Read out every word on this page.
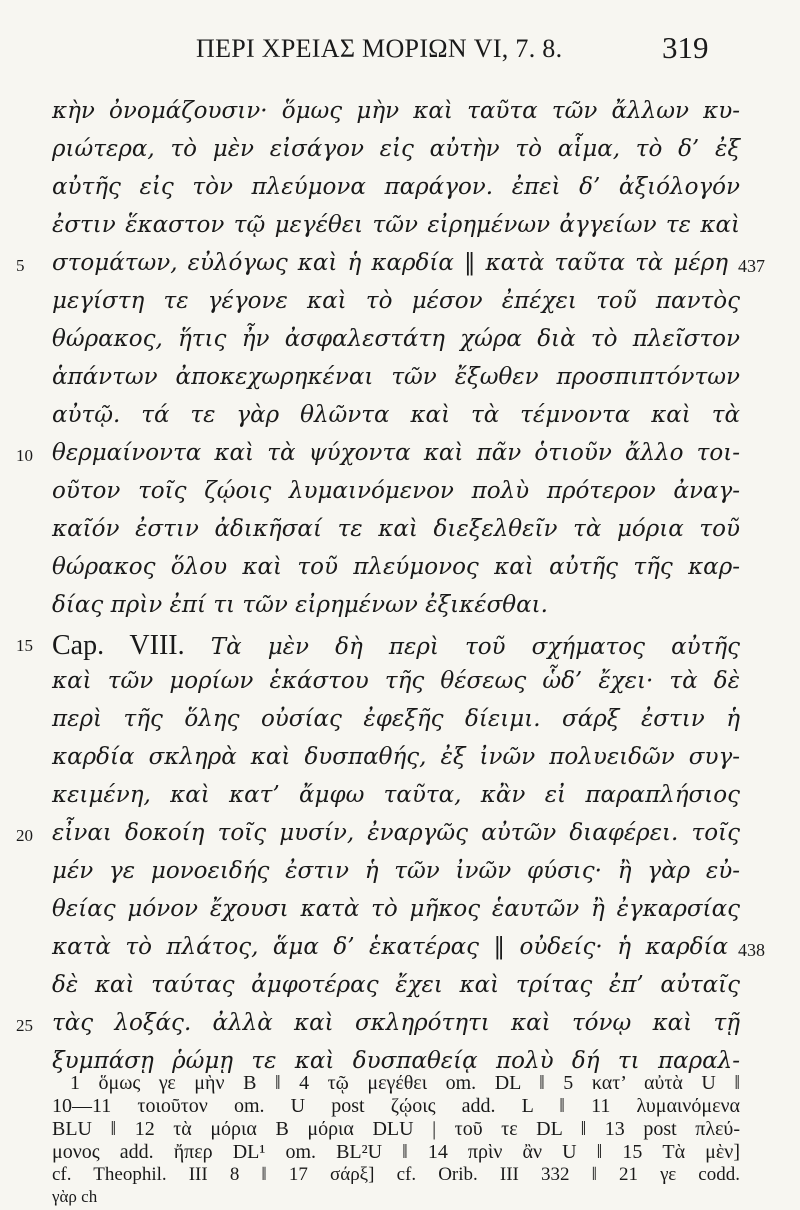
ΠΕΡΙ ΧΡΕΙΑΣ ΜΟΡΙΩΝ VI, 7. 8.	319
κὴν ὀνομάζουσιν· ὅμως μὴν καὶ ταῦτα τῶν ἄλλων κυ-
ριώτερα, τὸ μὲν εἰσάγον εἰς αὐτὴν τὸ αἷμα, τὸ δ’ ἐξ
αὐτῆς εἰς τὸν πλεύμονα παράγον. ἐπεὶ δ’ ἀξιόλογόν
ἐστιν ἕκαστον τῷ μεγέθει τῶν εἰρημένων ἀγγείων τε καὶ
στομάτων, εὐλόγως καὶ ἡ καρδία ‖ κατὰ ταῦτα τὰ μέρη
μεγίστη τε γέγονε καὶ τὸ μέσον ἐπέχει τοῦ παντὸς
θώρακος, ἥτις ἦν ἀσφαλεστάτη χώρα διὰ τὸ πλεῖστον
ἁπάντων ἀποκεχωρηκέναι τῶν ἔξωθεν προσπιπτόντων
αὐτῷ. τά τε γὰρ θλῶντα καὶ τὰ τέμνοντα καὶ τὰ
θερμαίνοντα καὶ τὰ ψύχοντα καὶ πᾶν ὁτιοῦν ἄλλο τοι-
οῦτον τοῖς ζῴοις λυμαινόμενον πολὺ πρότερον ἀναγ-
καῖόν ἐστιν ἀδικῆσαί τε καὶ διεξελθεῖν τὰ μόρια τοῦ
θώρακος ὅλου καὶ τοῦ πλεύμονος καὶ αὐτῆς τῆς καρ-
δίας πρὶν ἐπί τι τῶν εἰρημένων ἐξικέσθαι.
Cap. VIII. Τὰ μὲν δὴ περὶ τοῦ σχήματος αὐτῆς
καὶ τῶν μορίων ἑκάστου τῆς θέσεως ὧδ’ ἔχει· τὰ δὲ
περὶ τῆς ὅλης οὐσίας ἐφεξῆς δίειμι. σάρξ ἐστιν ἡ
καρδία σκληρὰ καὶ δυσπαθής, ἐξ ἰνῶν πολυειδῶν συγ-
κειμένη, καὶ κατ’ ἄμφω ταῦτα, κἂν εἰ παραπλήσιος
εἶναι δοκοίη τοῖς μυσίν, ἐναργῶς αὐτῶν διαφέρει. τοῖς
μέν γε μονοειδής ἐστιν ἡ τῶν ἰνῶν φύσις· ἢ γὰρ εὐ-
θείας μόνον ἔχουσι κατὰ τὸ μῆκος ἑαυτῶν ἢ ἐγκαρσίας
κατὰ τὸ πλάτος, ἅμα δ’ ἑκατέρας ‖ οὐδείς· ἡ καρδία
δὲ καὶ ταύτας ἀμφοτέρας ἔχει καὶ τρίτας ἐπ’ αὐταῖς
τὰς λοξάς. ἀλλὰ καὶ σκληρότητι καὶ τόνῳ καὶ τῇ
ξυμπάσῃ ῥώμῃ τε καὶ δυσπαθείᾳ πολὺ δή τι παραλ-
5
10
15
20
25
437
438
1 ὅμως γε μὴν B ‖ 4 τῷ μεγέθει om. DL ‖ 5 κατ’ αὐτὰ U ‖
10—11 τοιοῦτον om. U post ζῴοις add. L ‖ 11 λυμαινόμενα
BLU ‖ 12 τὰ μόρια B μόρια DLU | τοῦ τε DL ‖ 13 post πλεύ-
μονος add. ἤπερ DL¹ om. BL²U ‖ 14 πρὶν ἂν U ‖ 15 Τὰ μὲν]
cf. Theophil. III 8 ‖ 17 σάρξ] cf. Orib. III 332 ‖ 21 γε codd.
γὰρ ch
